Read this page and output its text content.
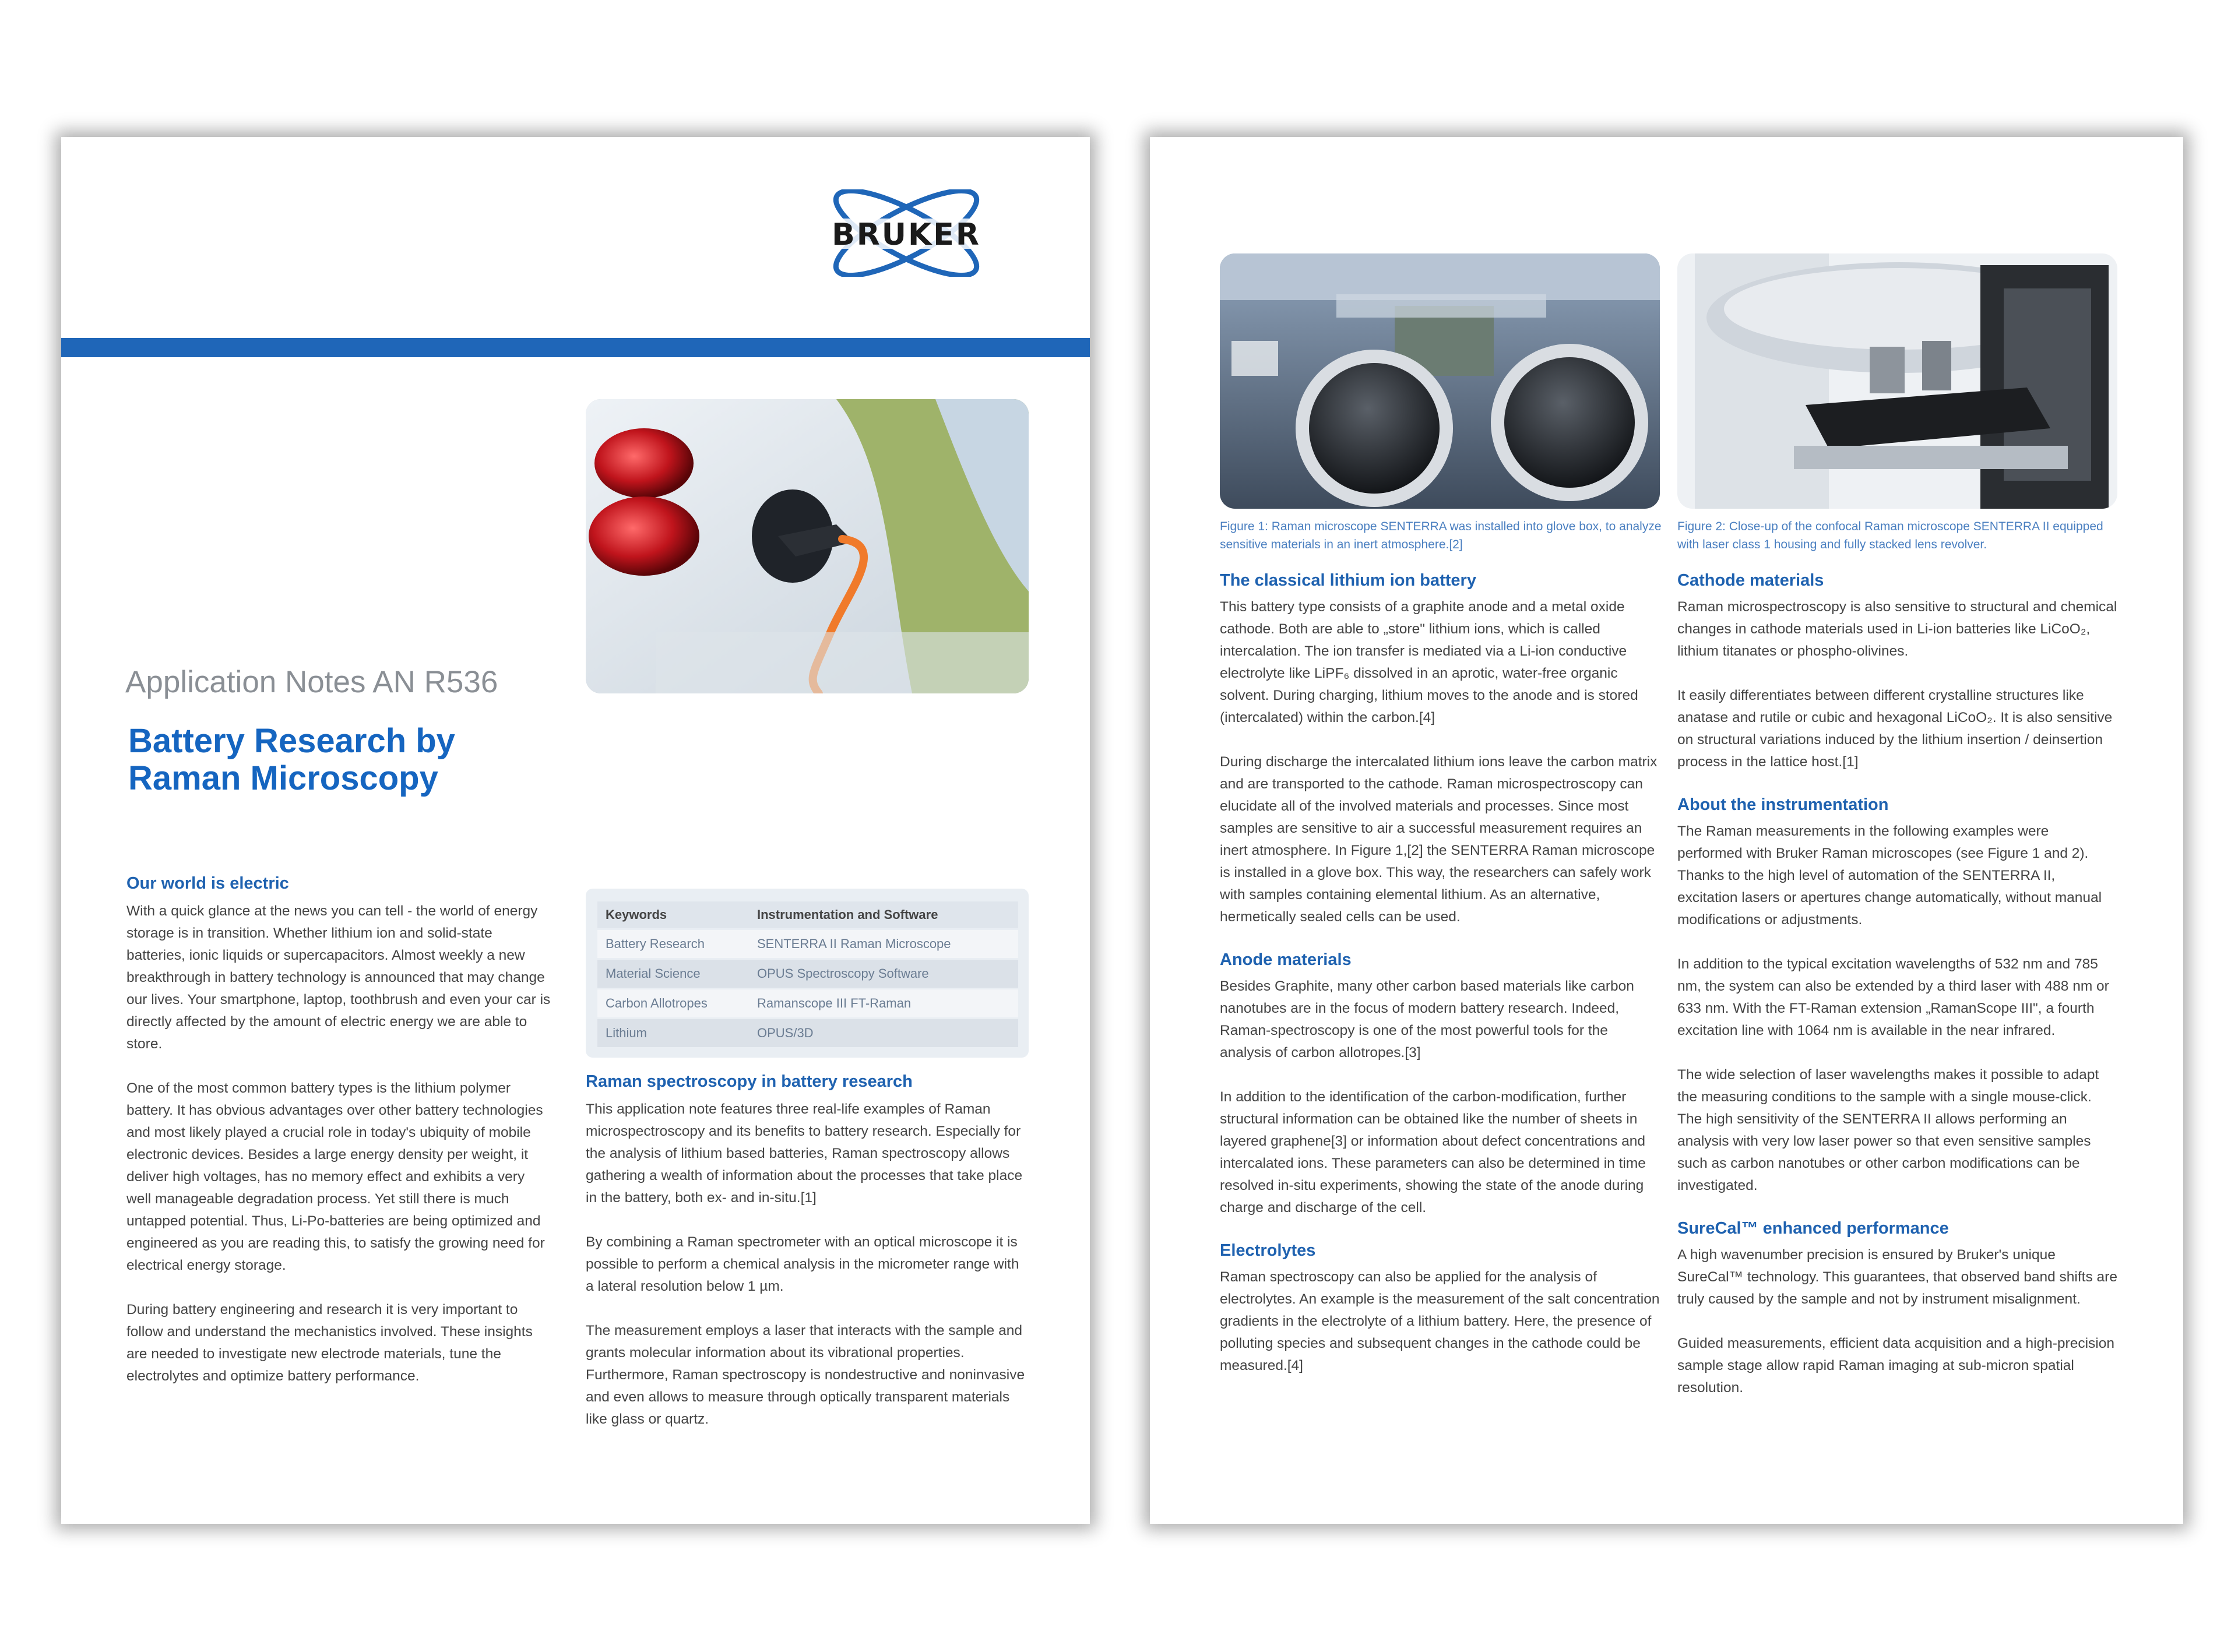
BRUKER
Application Notes AN R536
Battery Research by
Raman Microscopy
Our world is electric

With a quick glance at the news you can tell - the world of energy storage is in transition. Whether lithium ion and solid-state batteries, ionic liquids or supercapacitors. Almost weekly a new breakthrough in battery technology is announced that may change our lives. Your smartphone, laptop, toothbrush and even your car is directly affected by the amount of electric energy we are able to store.

One of the most common battery types is the lithium polymer battery. It has obvious advantages over other battery technologies and most likely played a crucial role in today's ubiquity of mobile electronic devices. Besides a large energy density per weight, it deliver high voltages, has no memory effect and exhibits a very well manageable degradation process. Yet still there is much untapped potential. Thus, Li-Po-batteries are being optimized and engineered as you are reading this, to satisfy the growing need for electrical energy storage.

During battery engineering and research it is very important to follow and understand the mechanistics involved. These insights are needed to investigate new electrode materials, tune the electrolytes and optimize battery performance.

Keywords	Instrumentation and Software
Battery Research	SENTERRA II Raman Microscope
Material Science	OPUS Spectroscopy Software
Carbon Allotropes	Ramanscope III FT-Raman
Lithium	OPUS/3D
Raman spectroscopy in battery research

This application note features three real-life examples of Raman microspectroscopy and its benefits to battery research. Especially for the analysis of lithium based batteries, Raman spectroscopy allows gathering a wealth of information about the processes that take place in the battery, both ex- and in-situ.[1]

By combining a Raman spectrometer with an optical microscope it is possible to perform a chemical analysis in the micrometer range with a lateral resolution below 1 µm.

The measurement employs a laser that interacts with the sample and grants molecular information about its vibrational properties. Furthermore, Raman spectroscopy is nondestructive and noninvasive and even allows to measure through optically transparent materials like glass or quartz.

Figure 1: Raman microscope SENTERRA was installed into glove box, to analyze sensitive materials in an inert atmosphere.[2]
Figure 2: Close-up of the confocal Raman microscope SENTERRA II equipped with laser class 1 housing and fully stacked lens revolver.
The classical lithium ion battery

This battery type consists of a graphite anode and a metal oxide cathode. Both are able to „store" lithium ions, which is called intercalation. The ion transfer is mediated via a Li-ion conductive electrolyte like LiPF₆ dissolved in an aprotic, water-free organic solvent. During charging, lithium moves to the anode and is stored (intercalated) within the carbon.[4]

During discharge the intercalated lithium ions leave the carbon matrix and are transported to the cathode. Raman microspectroscopy can elucidate all of the involved materials and processes. Since most samples are sensitive to air a successful measurement requires an inert atmosphere. In Figure 1,[2] the SENTERRA Raman microscope is installed in a glove box. This way, the researchers can safely work with samples containing elemental lithium. As an alternative, hermetically sealed cells can be used.

Anode materials

Besides Graphite, many other carbon based materials like carbon nanotubes are in the focus of modern battery research. Indeed, Raman-spectroscopy is one of the most powerful tools for the analysis of carbon allotropes.[3]

In addition to the identification of the carbon-modification, further structural information can be obtained like the number of sheets in layered graphene[3] or information about defect concentrations and intercalated ions. These parameters can also be determined in time resolved in-situ experiments, showing the state of the anode during charge and discharge of the cell.

Electrolytes

Raman spectroscopy can also be applied for the analysis of electrolytes. An example is the measurement of the salt concentration gradients in the electrolyte of a lithium battery. Here, the presence of polluting species and subsequent changes in the cathode could be measured.[4]

Cathode materials

Raman microspectroscopy is also sensitive to structural and chemical changes in cathode materials used in Li-ion batteries like LiCoO₂, lithium titanates or phospho-olivines.

It easily differentiates between different crystalline structures like anatase and rutile or cubic and hexagonal LiCoO₂. It is also sensitive on structural variations induced by the lithium insertion / deinsertion process in the lattice host.[1]

About the instrumentation

The Raman measurements in the following examples were performed with Bruker Raman microscopes (see Figure 1 and 2). Thanks to the high level of automation of the SENTERRA II, excitation lasers or apertures change automatically, without manual modifications or adjustments.

In addition to the typical excitation wavelengths of 532 nm and 785 nm, the system can also be extended by a third laser with 488 nm or 633 nm. With the FT-Raman extension „RamanScope III", a fourth excitation line with 1064 nm is available in the near infrared.

The wide selection of laser wavelengths makes it possible to adapt the measuring conditions to the sample with a single mouse-click. The high sensitivity of the SENTERRA II allows performing an analysis with very low laser power so that even sensitive samples such as carbon nanotubes or other carbon modifications can be investigated.

SureCal™ enhanced performance

A high wavenumber precision is ensured by Bruker's unique SureCal™ technology. This guarantees, that observed band shifts are truly caused by the sample and not by instrument misalignment.

Guided measurements, efficient data acquisition and a high-precision sample stage allow rapid Raman imaging at sub-micron spatial resolution.
